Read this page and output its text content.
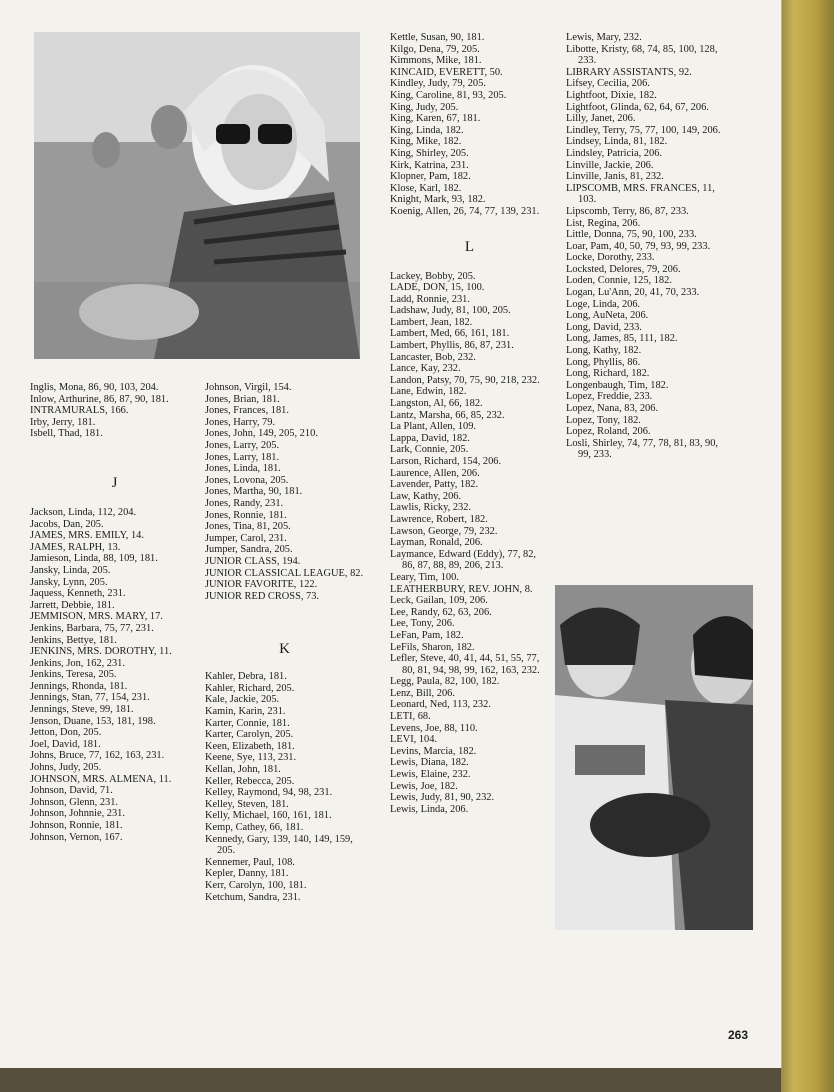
Inglis, Mona, 86, 90, 103, 204.
Inlow, Arthurine, 86, 87, 90, 181.
INTRAMURALS, 166.
Irby, Jerry, 181.
Isbell, Thad, 181.
J
Jackson, Linda, 112, 204.
Jacobs, Dan, 205.
JAMES, MRS. EMILY, 14.
JAMES, RALPH, 13.
Jamieson, Linda, 88, 109, 181.
Jansky, Linda, 205.
Jansky, Lynn, 205.
Jaquess, Kenneth, 231.
Jarrett, Debbie, 181.
JEMMISON, MRS. MARY, 17.
Jenkins, Barbara, 75, 77, 231.
Jenkins, Bettye, 181.
JENKINS, MRS. DOROTHY, 11.
Jenkins, Jon, 162, 231.
Jenkins, Teresa, 205.
Jennings, Rhonda, 181.
Jennings, Stan, 77, 154, 231.
Jennings, Steve, 99, 181.
Jenson, Duane, 153, 181, 198.
Jetton, Don, 205.
Joel, David, 181.
Johns, Bruce, 77, 162, 163, 231.
Johns, Judy, 205.
JOHNSON, MRS. ALMENA, 11.
Johnson, David, 71.
Johnson, Glenn, 231.
Johnson, Johnnie, 231.
Johnson, Ronnie, 181.
Johnson, Vernon, 167.
Johnson, Virgil, 154.
Jones, Brian, 181.
Jones, Frances, 181.
Jones, Harry, 79.
Jones, John, 149, 205, 210.
Jones, Larry, 205.
Jones, Larry, 181.
Jones, Linda, 181.
Jones, Lovona, 205.
Jones, Martha, 90, 181.
Jones, Randy, 231.
Jones, Ronnie, 181.
Jones, Tina, 81, 205.
Jumper, Carol, 231.
Jumper, Sandra, 205.
JUNIOR CLASS, 194.
JUNIOR CLASSICAL LEAGUE, 82.
JUNIOR FAVORITE, 122.
JUNIOR RED CROSS, 73.
K
Kahler, Debra, 181.
Kahler, Richard, 205.
Kale, Jackie, 205.
Kamin, Karin, 231.
Karter, Connie, 181.
Karter, Carolyn, 205.
Keen, Elizabeth, 181.
Keene, Sye, 113, 231.
Kellan, John, 181.
Keller, Rebecca, 205.
Kelley, Raymond, 94, 98, 231.
Kelley, Steven, 181.
Kelly, Michael, 160, 161, 181.
Kemp, Cathey, 66, 181.
Kennedy, Gary, 139, 140, 149, 159, 205.
Kennemer, Paul, 108.
Kepler, Danny, 181.
Kerr, Carolyn, 100, 181.
Ketchum, Sandra, 231.
Kettle, Susan, 90, 181.
Kilgo, Dena, 79, 205.
Kimmons, Mike, 181.
KINCAID, EVERETT, 50.
Kindley, Judy, 79, 205.
King, Caroline, 81, 93, 205.
King, Judy, 205.
King, Karen, 67, 181.
King, Linda, 182.
King, Mike, 182.
King, Shirley, 205.
Kirk, Katrina, 231.
Klopner, Pam, 182.
Klose, Karl, 182.
Knight, Mark, 93, 182.
Koenig, Allen, 26, 74, 77, 139, 231.
L
Lackey, Bobby, 205.
LADE, DON, 15, 100.
Ladd, Ronnie, 231.
Ladshaw, Judy, 81, 100, 205.
Lambert, Jean, 182.
Lambert, Med, 66, 161, 181.
Lambert, Phyllis, 86, 87, 231.
Lancaster, Bob, 232.
Lance, Kay, 232.
Landon, Patsy, 70, 75, 90, 218, 232.
Lane, Edwin, 182.
Langston, Al, 66, 182.
Lantz, Marsha, 66, 85, 232.
La Plant, Allen, 109.
Lappa, David, 182.
Lark, Connie, 205.
Larson, Richard, 154, 206.
Laurence, Allen, 206.
Lavender, Patty, 182.
Law, Kathy, 206.
Lawlis, Ricky, 232.
Lawrence, Robert, 182.
Lawson, George, 79, 232.
Layman, Ronald, 206.
Laymance, Edward (Eddy), 77, 82, 86, 87, 88, 89, 206, 213.
Leary, Tim, 100.
LEATHERBURY, REV. JOHN, 8.
Leck, Gailan, 109, 206.
Lee, Randy, 62, 63, 206.
Lee, Tony, 206.
LeFan, Pam, 182.
LeFils, Sharon, 182.
Lefler, Steve, 40, 41, 44, 51, 55, 77, 80, 81, 94, 98, 99, 162, 163, 232.
Legg, Paula, 82, 100, 182.
Lenz, Bill, 206.
Leonard, Ned, 113, 232.
LETI, 68.
Levens, Joe, 88, 110.
LEVI, 104.
Levins, Marcia, 182.
Lewis, Diana, 182.
Lewis, Elaine, 232.
Lewis, Joe, 182.
Lewis, Judy, 81, 90, 232.
Lewis, Linda, 206.
Lewis, Mary, 232.
Libotte, Kristy, 68, 74, 85, 100, 128, 233.
LIBRARY ASSISTANTS, 92.
Lifsey, Cecilia, 206.
Lightfoot, Dixie, 182.
Lightfoot, Glinda, 62, 64, 67, 206.
Lilly, Janet, 206.
Lindley, Terry, 75, 77, 100, 149, 206.
Lindsey, Linda, 81, 182.
Lindsley, Patricia, 206.
Linville, Jackie, 206.
Linville, Janis, 81, 232.
LIPSCOMB, MRS. FRANCES, 11, 103.
Lipscomb, Terry, 86, 87, 233.
List, Regina, 206.
Little, Donna, 75, 90, 100, 233.
Loar, Pam, 40, 50, 79, 93, 99, 233.
Locke, Dorothy, 233.
Locksted, Delores, 79, 206.
Loden, Connie, 125, 182.
Logan, Lu'Ann, 20, 41, 70, 233.
Loge, Linda, 206.
Long, AuNeta, 206.
Long, David, 233.
Long, James, 85, 111, 182.
Long, Kathy, 182.
Long, Phyllis, 86.
Long, Richard, 182.
Longenbaugh, Tim, 182.
Lopez, Freddie, 233.
Lopez, Nana, 83, 206.
Lopez, Tony, 182.
Lopez, Roland, 206.
Losli, Shirley, 74, 77, 78, 81, 83, 90, 99, 233.
263
